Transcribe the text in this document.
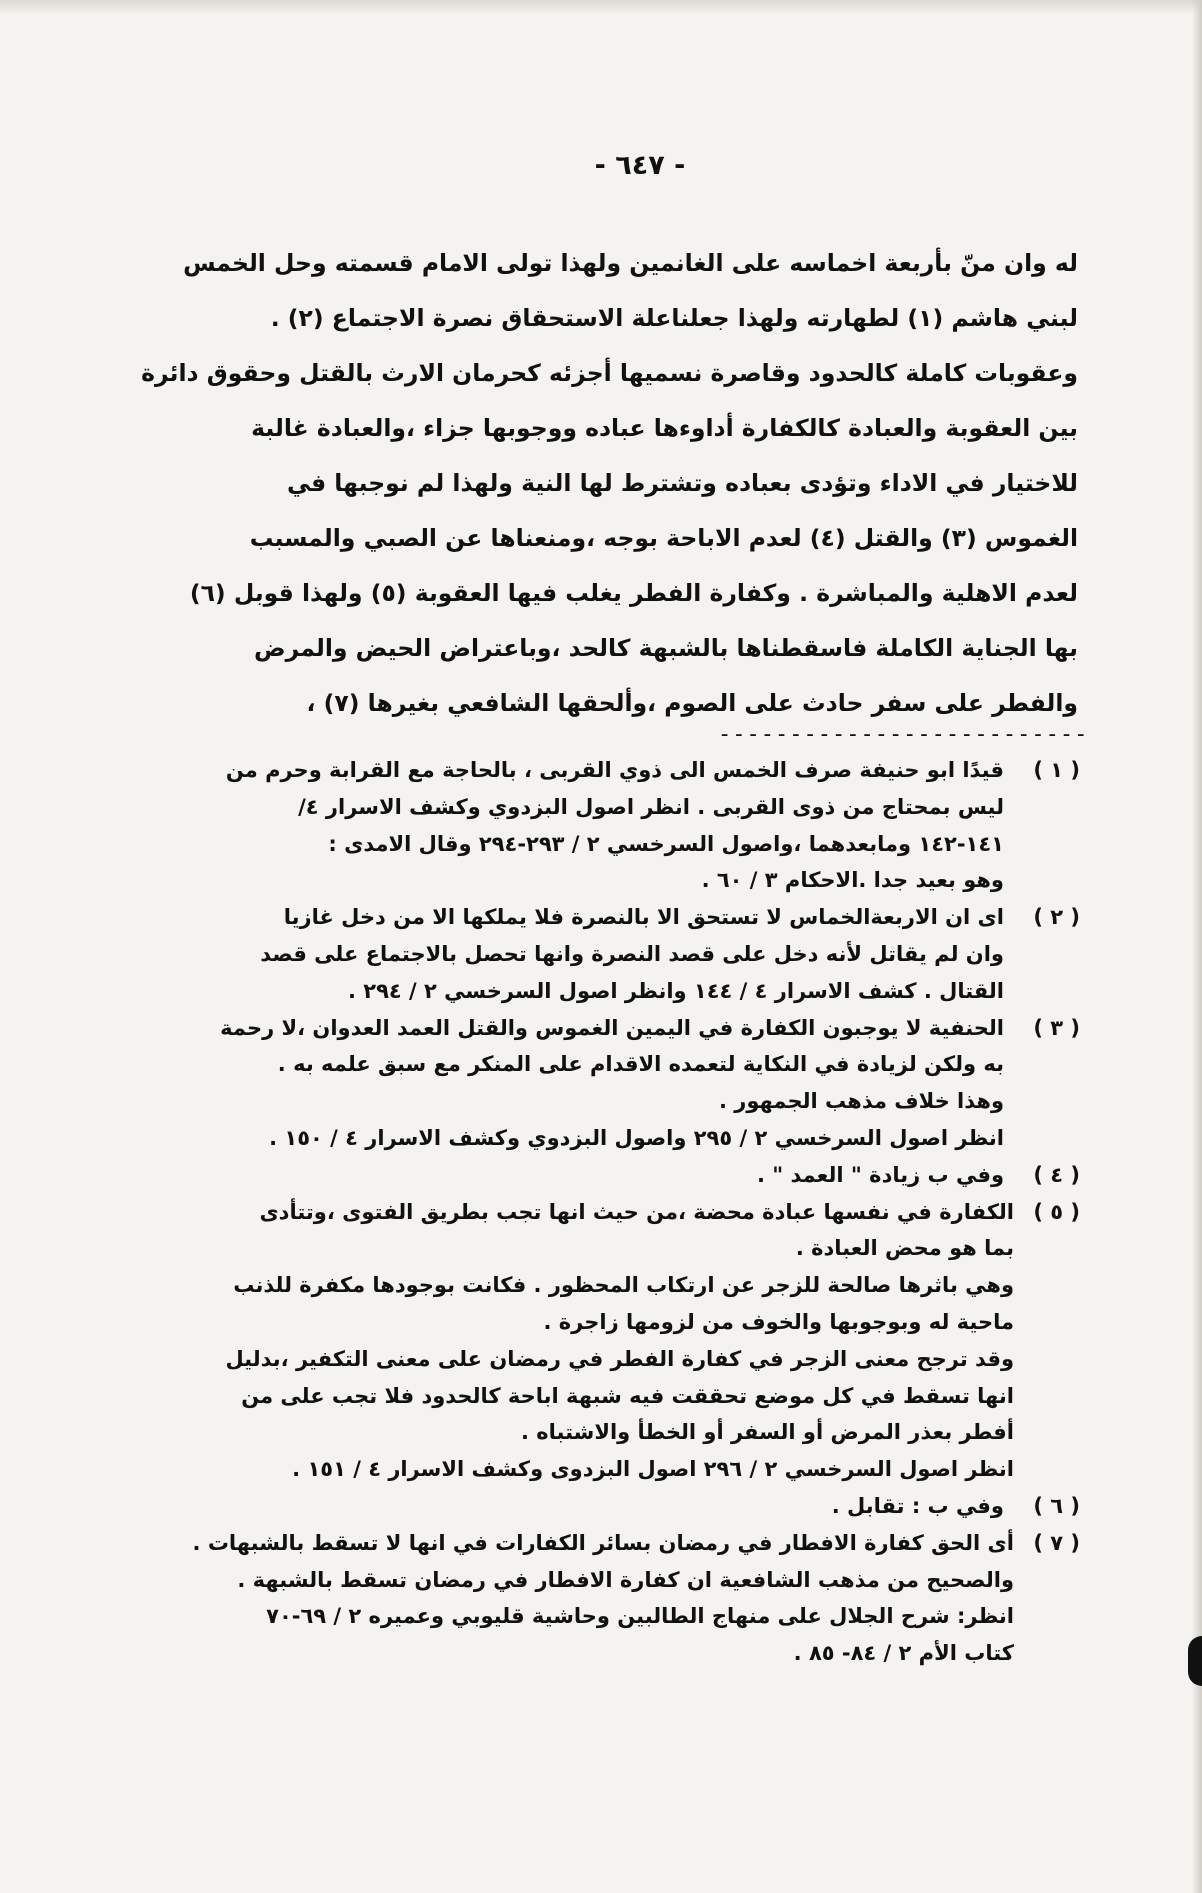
- ٦٤٧ -
له وان منّ بأربعة اخماسه على الغانمين ولهذا تولى الامام قسمته وحل الخمس
لبني هاشم (١) لطهارته ولهذا جعلناعلة الاستحقاق نصرة الاجتماع (٢) .
وعقوبات كاملة كالحدود وقاصرة نسميها أجزئه كحرمان الارث بالقتل وحقوق دائرة
بين العقوبة والعبادة كالكفارة أداوءها عباده ووجوبها جزاء ،والعبادة غالبة
للاختيار في الاداء وتؤدى بعباده وتشترط لها النية ولهذا لم نوجبها في
الغموس (٣) والقتل (٤) لعدم الاباحة بوجه ،ومنعناها عن الصبي والمسبب
لعدم الاهلية والمباشرة . وكفارة الفطر يغلب فيها العقوبة (٥) ولهذا قوبل (٦)
بها الجناية الكاملة فاسقطناها بالشبهة كالحد ،وباعتراض الحيض والمرض
والفطر على سفر حادث على الصوم ،وألحقها الشافعي بغيرها (٧) ،
--------------------------
( ١ )
قيدًا ابو حنيفة صرف الخمس الى ذوي القربى ، بالحاجة مع القرابة وحرم من
ليس بمحتاج من ذوى القربى . انظر اصول البزدوي وكشف الاسرار ٤/
١٤١-١٤٢ ومابعدهما ،واصول السرخسي ٢ / ٢٩٣-٢٩٤ وقال الامدى :
وهو بعيد جدا .الاحكام ٣ / ٦٠ .
( ٢ )
اى ان الاربعةالخماس لا تستحق الا بالنصرة فلا يملكها الا من دخل غازيا
وان لم يقاتل لأنه دخل على قصد النصرة وانها تحصل بالاجتماع على قصد
القتال . كشف الاسرار ٤ / ١٤٤ وانظر اصول السرخسي ٢ / ٢٩٤ .
( ٣ )
الحنفية لا يوجبون الكفارة في اليمين الغموس والقتل العمد العدوان ،لا رحمة
به ولكن لزيادة في النكاية لتعمده الاقدام على المنكر مع سبق علمه به .
وهذا خلاف مذهب الجمهور .
انظر اصول السرخسي ٢ / ٢٩٥ واصول البزدوي وكشف الاسرار ٤ / ١٥٠ .
( ٤ )
وفي ب زيادة " العمد " .
( ٥ )
الكفارة في نفسها عبادة محضة ،من حيث انها تجب بطريق الفتوى ،وتتأدى
بما هو محض العبادة .
وهي باثرها صالحة للزجر عن ارتكاب المحظور . فكانت بوجودها مكفرة للذنب
ماحية له وبوجوبها والخوف من لزومها زاجرة .
وقد ترجح معنى الزجر في كفارة الفطر في رمضان على معنى التكفير ،بدليل
انها تسقط في كل موضع تحققت فيه شبهة اباحة كالحدود فلا تجب على من
أفطر بعذر المرض أو السفر أو الخطأ والاشتباه .
انظر اصول السرخسي ٢ / ٢٩٦ اصول البزدوى وكشف الاسرار ٤ / ١٥١ .
( ٦ )
وفي ب : تقابل .
( ٧ )
أى الحق كفارة الافطار في رمضان بسائر الكفارات في انها لا تسقط بالشبهات .
والصحيح من مذهب الشافعية ان كفارة الافطار في رمضان تسقط بالشبهة .
انظر: شرح الجلال على منهاج الطالبين وحاشية قليوبي وعميره ٢ / ٦٩-٧٠
كتاب الأم ٢ / ٨٤- ٨٥ .
